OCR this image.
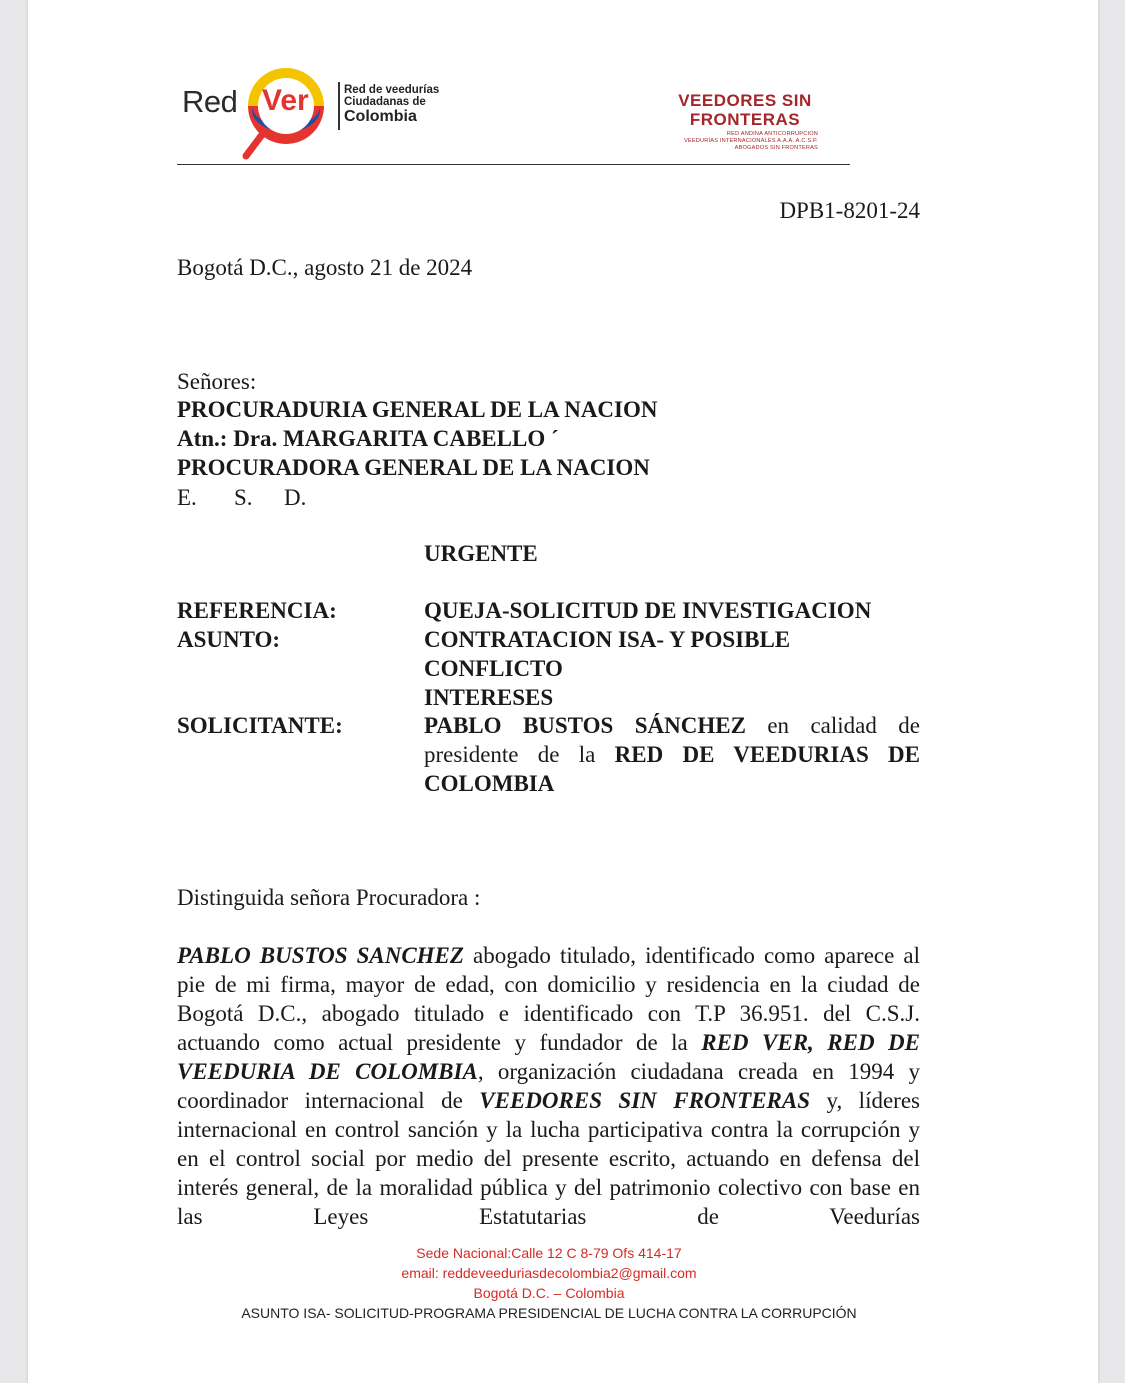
Red Ver	Red de veedurías
Ciudadanas de
Colombia
VEEDORES SIN
FRONTERAS
RED ANDINA ANTICORRUPCION
VEEDURÍAS INTERNACIONALES A.A.A. A.C.S.P.
ABOGADOS SIN FRONTERAS
DPB1-8201-24
Bogotá D.C., agosto 21 de 2024
Señores:
PROCURADURIA GENERAL DE LA NACION
Atn.: Dra. MARGARITA CABELLO ´
PROCURADORA GENERAL DE LA NACION
E. S. D.
URGENTE
REFERENCIA:
ASUNTO:
QUEJA-SOLICITUD DE INVESTIGACION
CONTRATACION ISA- Y POSIBLE CONFLICTO
INTERESES
SOLICITANTE:	PABLO BUSTOS SÁNCHEZ en calidad de presidente de la RED DE VEEDURIAS DE COLOMBIA
Distinguida señora Procuradora :
PABLO BUSTOS SANCHEZ abogado titulado, identificado como aparece al pie de mi firma, mayor de edad, con domicilio y residencia en la ciudad de Bogotá D.C., abogado titulado e identificado con T.P 36.951. del C.S.J. actuando como actual presidente y fundador de la RED VER, RED DE VEEDURIA DE COLOMBIA, organización ciudadana creada en 1994 y coordinador internacional de VEEDORES SIN FRONTERAS y, líderes internacional en control sanción y la lucha participativa contra la corrupción y en el control social por medio del presente escrito, actuando en defensa del interés general, de la moralidad pública y del patrimonio colectivo con base en las Leyes Estatutarias de Veedurías
Sede Nacional:Calle 12 C 8-79 Ofs 414-17
email: reddeveeduriasdecolombia2@gmail.com
Bogotá D.C. – Colombia
ASUNTO ISA- SOLICITUD-PROGRAMA PRESIDENCIAL DE LUCHA CONTRA LA CORRUPCIÓN
